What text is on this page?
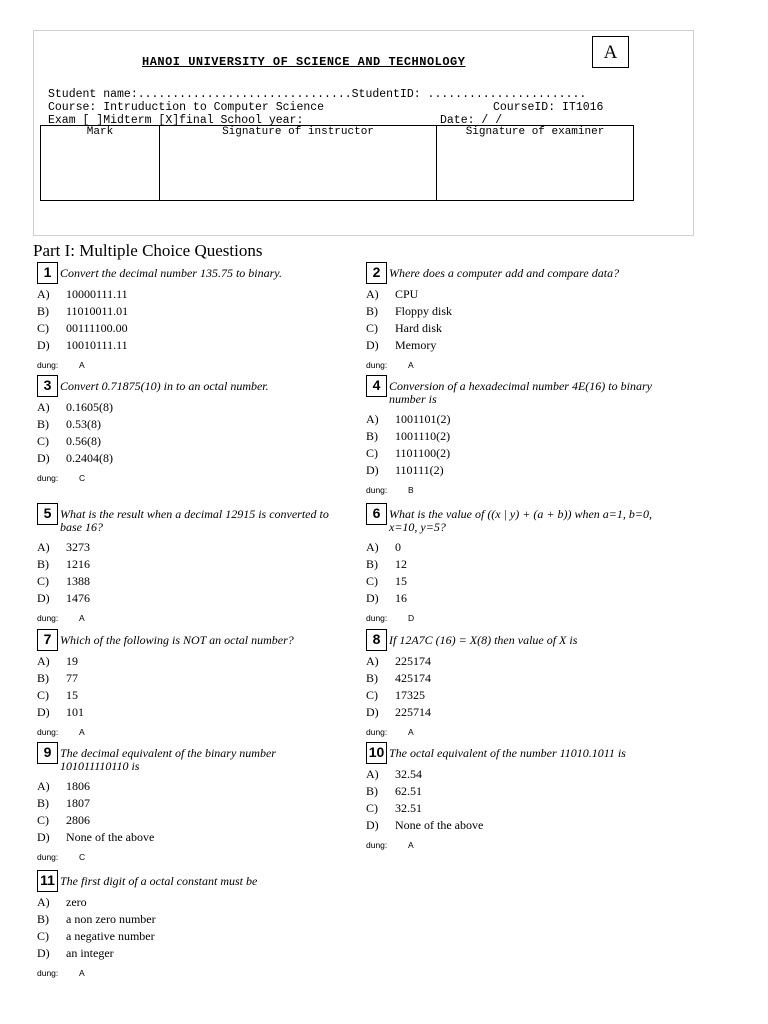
A
HANOI UNIVERSITY OF SCIENCE AND TECHNOLOGY
Student name:...............................StudentID: .......................
Course: Intruduction to Computer Science	CourseID: IT1016
Exam [ ]Midterm [X]final School year:	Date: / /
Mark	Signature of instructor	Signature of examiner
Part I: Multiple Choice Questions
1 Convert the decimal number 135.75 to binary.
A) 10000111.11
B) 11010011.01
C) 00111100.00
D) 10010111.11
dung: A
2 Where does a computer add and compare data?
A) CPU
B) Floppy disk
C) Hard disk
D) Memory
dung: A
3 Convert 0.71875(10) in to an octal number.
A) 0.1605(8)
B) 0.53(8)
C) 0.56(8)
D) 0.2404(8)
dung: C
4 Conversion of a hexadecimal number 4E(16) to binary number is
A) 1001101(2)
B) 1001110(2)
C) 1101100(2)
D) 110111(2)
dung: B
5 What is the result when a decimal 12915 is converted to base 16?
A) 3273
B) 1216
C) 1388
D) 1476
dung: A
6 What is the value of ((x | y) + (a + b)) when a=1, b=0, x=10, y=5?
A) 0
B) 12
C) 15
D) 16
dung: D
7 Which of the following is NOT an octal number?
A) 19
B) 77
C) 15
D) 101
dung: A
8 If 12A7C (16) = X(8) then value of X is
A) 225174
B) 425174
C) 17325
D) 225714
dung: A
9 The decimal equivalent of the binary number 101011110110 is
A) 1806
B) 1807
C) 2806
D) None of the above
dung: C
10 The octal equivalent of the number 11010.1011 is
A) 32.54
B) 62.51
C) 32.51
D) None of the above
dung: A
11 The first digit of a octal constant must be
A) zero
B) a non zero number
C) a negative number
D) an integer
dung: A
